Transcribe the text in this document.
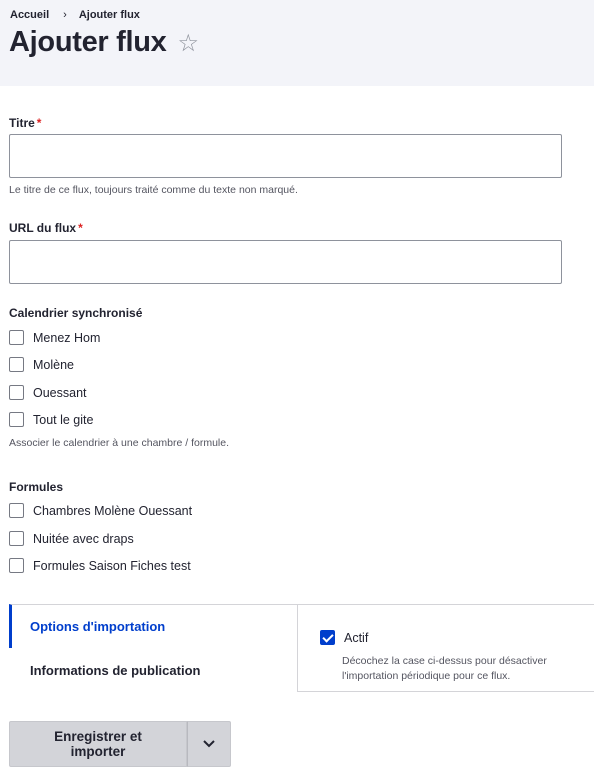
Accueil › Ajouter flux
Ajouter flux ☆
Titre *
Le titre de ce flux, toujours traité comme du texte non marqué.
URL du flux *
Calendrier synchronisé
Menez Hom
Molène
Ouessant
Tout le gite
Associer le calendrier à une chambre / formule.
Formules
Chambres Molène Ouessant
Nuitée avec draps
Formules Saison Fiches test
Options d'importation
Informations de publication
Actif
Décochez la case ci-dessus pour désactiver l'importation périodique pour ce flux.
Enregistrer et importer
